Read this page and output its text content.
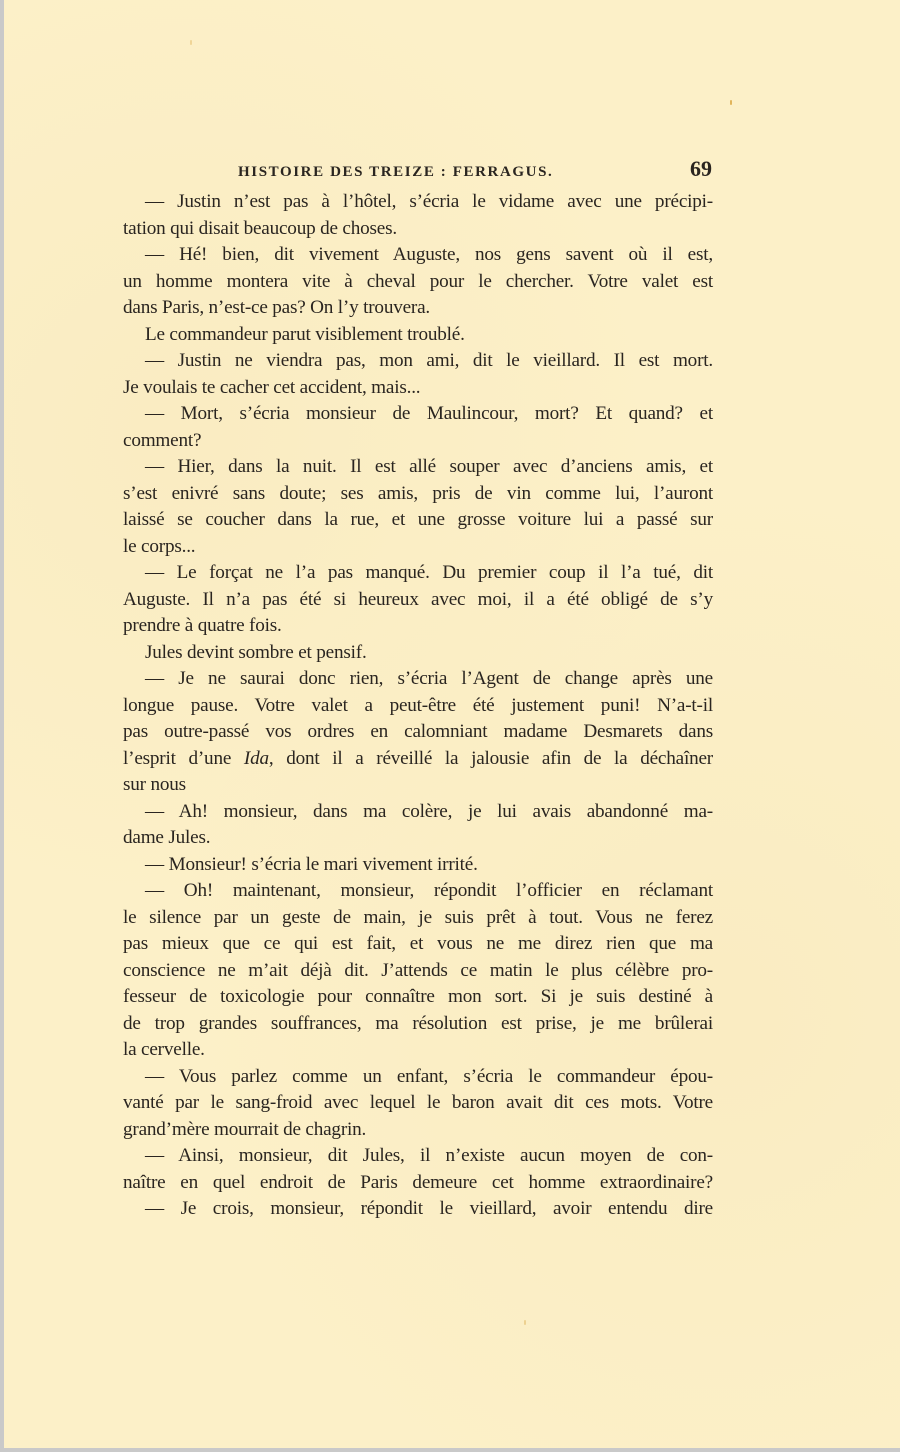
HISTOIRE DES TREIZE : FERRAGUS.	69
— Justin n’est pas à l’hôtel, s’écria le vidame avec une précipi-
tation qui disait beaucoup de choses.
— Hé! bien, dit vivement Auguste, nos gens savent où il est,
un homme montera vite à cheval pour le chercher. Votre valet est
dans Paris, n’est-ce pas? On l’y trouvera.
Le commandeur parut visiblement troublé.
— Justin ne viendra pas, mon ami, dit le vieillard. Il est mort.
Je voulais te cacher cet accident, mais...
— Mort, s’écria monsieur de Maulincour, mort? Et quand? et
comment?
— Hier, dans la nuit. Il est allé souper avec d’anciens amis, et
s’est enivré sans doute; ses amis, pris de vin comme lui, l’auront
laissé se coucher dans la rue, et une grosse voiture lui a passé sur
le corps...
— Le forçat ne l’a pas manqué. Du premier coup il l’a tué, dit
Auguste. Il n’a pas été si heureux avec moi, il a été obligé de s’y
prendre à quatre fois.
Jules devint sombre et pensif.
— Je ne saurai donc rien, s’écria l’Agent de change après une
longue pause. Votre valet a peut-être été justement puni! N’a-t-il
pas outre-passé vos ordres en calomniant madame Desmarets dans
l’esprit d’une Ida, dont il a réveillé la jalousie afin de la déchaîner
sur nous
— Ah! monsieur, dans ma colère, je lui avais abandonné ma-
dame Jules.
— Monsieur! s’écria le mari vivement irrité.
— Oh! maintenant, monsieur, répondit l’officier en réclamant
le silence par un geste de main, je suis prêt à tout. Vous ne ferez
pas mieux que ce qui est fait, et vous ne me direz rien que ma
conscience ne m’ait déjà dit. J’attends ce matin le plus célèbre pro-
fesseur de toxicologie pour connaître mon sort. Si je suis destiné à
de trop grandes souffrances, ma résolution est prise, je me brûlerai
la cervelle.
— Vous parlez comme un enfant, s’écria le commandeur épou-
vanté par le sang-froid avec lequel le baron avait dit ces mots. Votre
grand’mère mourrait de chagrin.
— Ainsi, monsieur, dit Jules, il n’existe aucun moyen de con-
naître en quel endroit de Paris demeure cet homme extraordinaire?
— Je crois, monsieur, répondit le vieillard, avoir entendu dire
